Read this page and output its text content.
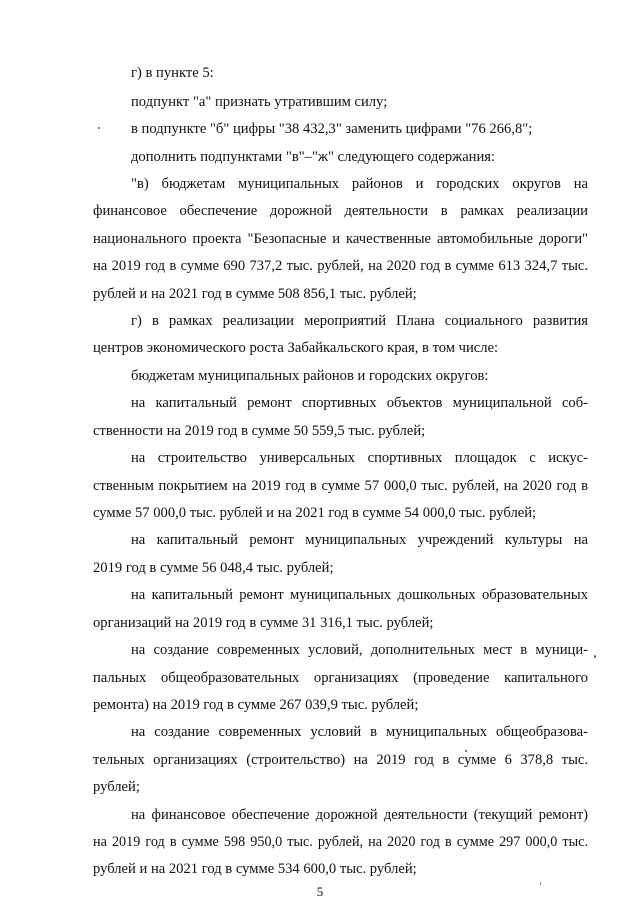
г) в пункте 5:
подпункт "а" признать утратившим силу;
в подпункте "б" цифры "38 432,3" заменить цифрами "76 266,8";
дополнить подпунктами "в"–"ж" следующего содержания:
"в) бюджетам муниципальных районов и городских округов на
финансовое обеспечение дорожной деятельности в рамках реализации
национального проекта "Безопасные и качественные автомобильные дороги"
на 2019 год в сумме 690 737,2 тыс. рублей, на 2020 год в сумме 613 324,7 тыс.
рублей и на 2021 год в сумме 508 856,1 тыс. рублей;
г) в рамках реализации мероприятий Плана социального развития
центров экономического роста Забайкальского края, в том числе:
бюджетам муниципальных районов и городских округов:
на капитальный ремонт спортивных объектов муниципальной соб-
ственности на 2019 год в сумме 50 559,5 тыс. рублей;
на строительство универсальных спортивных площадок с искус-
ственным покрытием на 2019 год в сумме 57 000,0 тыс. рублей, на 2020 год в
сумме 57 000,0 тыс. рублей и на 2021 год в сумме 54 000,0 тыс. рублей;
на капитальный ремонт муниципальных учреждений культуры на
2019 год в сумме 56 048,4 тыс. рублей;
на капитальный ремонт муниципальных дошкольных образовательных
организаций на 2019 год в сумме 31 316,1 тыс. рублей;
на создание современных условий, дополнительных мест в муници-
пальных общеобразовательных организациях (проведение капитального
ремонта) на 2019 год в сумме 267 039,9 тыс. рублей;
на создание современных условий в муниципальных общеобразова-
тельных организациях (строительство) на 2019 год в сумме 6 378,8 тыс.
рублей;
на финансовое обеспечение дорожной деятельности (текущий ремонт)
на 2019 год в сумме 598 950,0 тыс. рублей, на 2020 год в сумме 297 000,0 тыс.
рублей и на 2021 год в сумме 534 600,0 тыс. рублей;
5
